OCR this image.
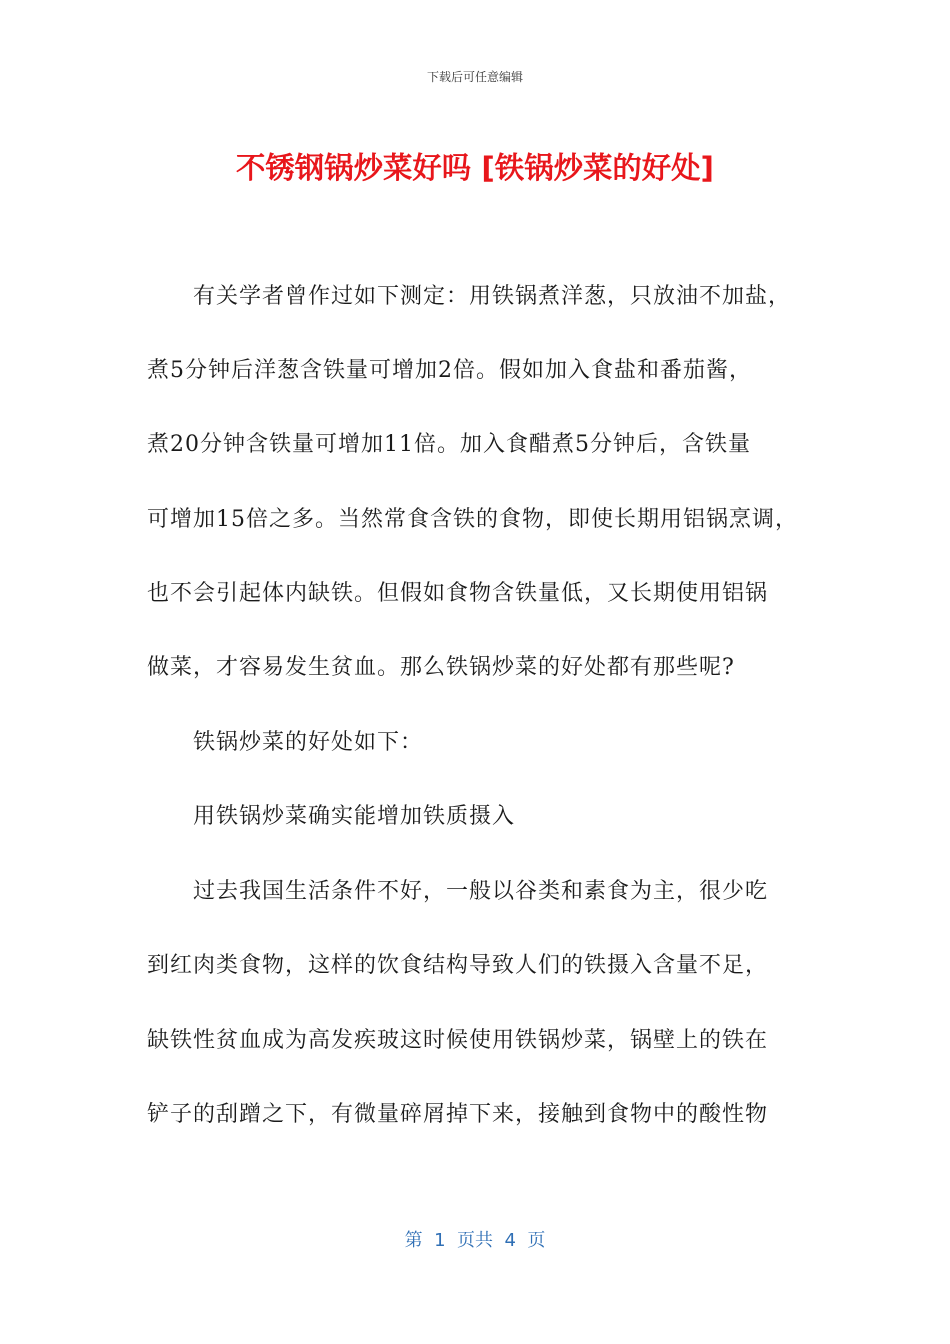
下载后可任意编辑
不锈钢锅炒菜好吗 [铁锅炒菜的好处]
有关学者曾作过如下测定：用铁锅煮洋葱，只放油不加盐，
煮5分钟后洋葱含铁量可增加2倍。假如加入食盐和番茄酱，
煮20分钟含铁量可增加11倍。加入食醋煮5分钟后，含铁量
可增加15倍之多。当然常食含铁的食物，即使长期用铝锅烹调，
也不会引起体内缺铁。但假如食物含铁量低，又长期使用铝锅
做菜，才容易发生贫血。那么铁锅炒菜的好处都有那些呢?
铁锅炒菜的好处如下：
用铁锅炒菜确实能增加铁质摄入
过去我国生活条件不好，一般以谷类和素食为主，很少吃
到红肉类食物，这样的饮食结构导致人们的铁摄入含量不足，
缺铁性贫血成为高发疾玻这时候使用铁锅炒菜，锅壁上的铁在
铲子的刮蹭之下，有微量碎屑掉下来，接触到食物中的酸性物
第  1  页共  4  页
